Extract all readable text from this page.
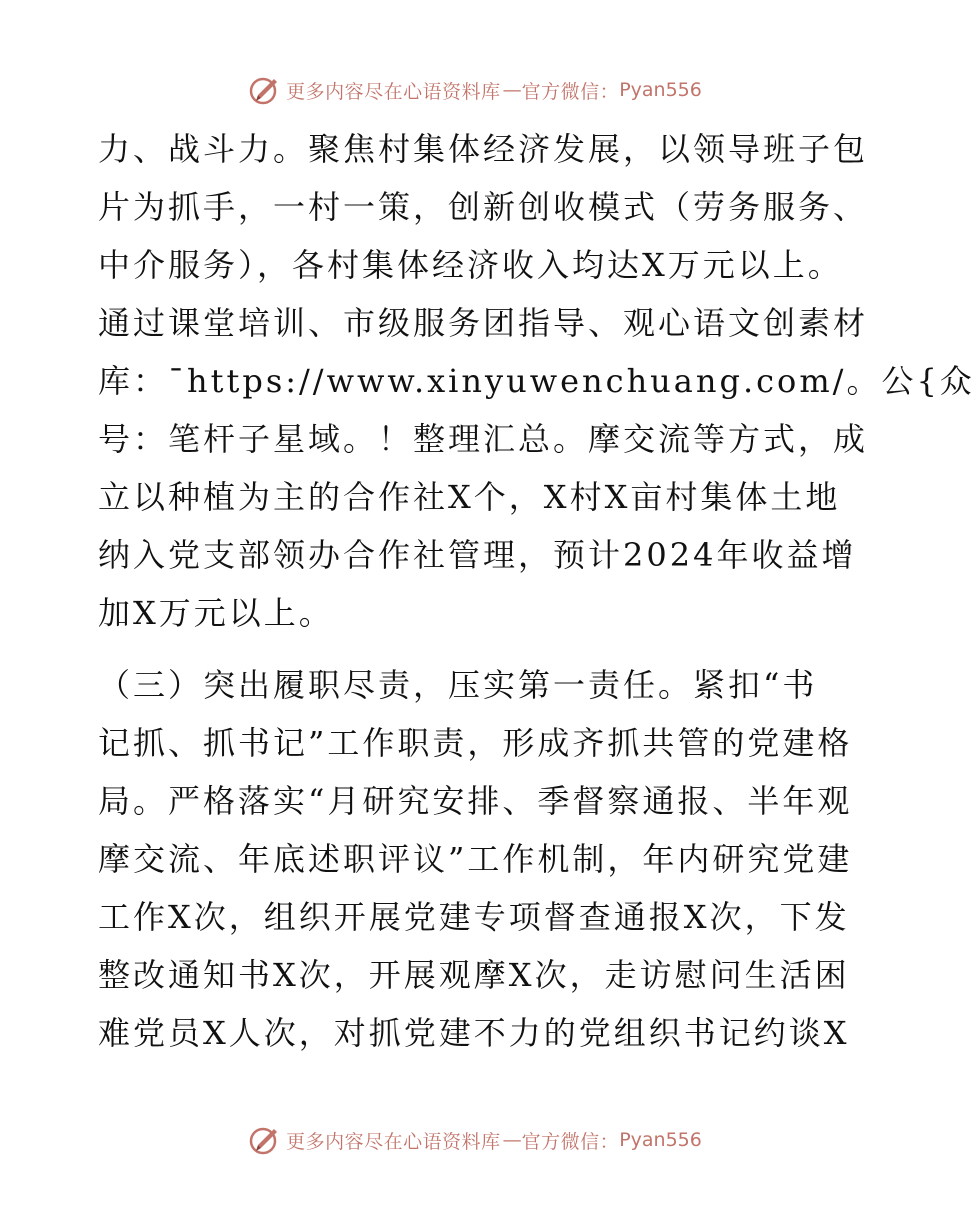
更多内容尽在心语资料库 — 官方微信： Pyan556
力、战斗力。聚焦村集体经济发展，以领导班子包
片为抓手，一村一策，创新创收模式（劳务服务、
中介服务），各村集体经济收入均达X万元以上。
通过课堂培训、市级服务团指导、观心语文创素材
库：¯https://www.xinyuwenchuang.com/。公{众
号：笔杆子星域。！整理汇总。摩交流等方式，成
立以种植为主的合作社X个，X村X亩村集体土地
纳入党支部领办合作社管理，预计2024年收益增
加X万元以上。
（三）突出履职尽责，压实第一责任。紧扣“书
记抓、抓书记”工作职责，形成齐抓共管的党建格
局。严格落实“月研究安排、季督察通报、半年观
摩交流、年底述职评议”工作机制，年内研究党建
工作X次，组织开展党建专项督查通报X次，下发
整改通知书X次，开展观摩X次，走访慰问生活困
难党员X人次，对抓党建不力的党组织书记约谈X
更多内容尽在心语资料库 — 官方微信： Pyan556
